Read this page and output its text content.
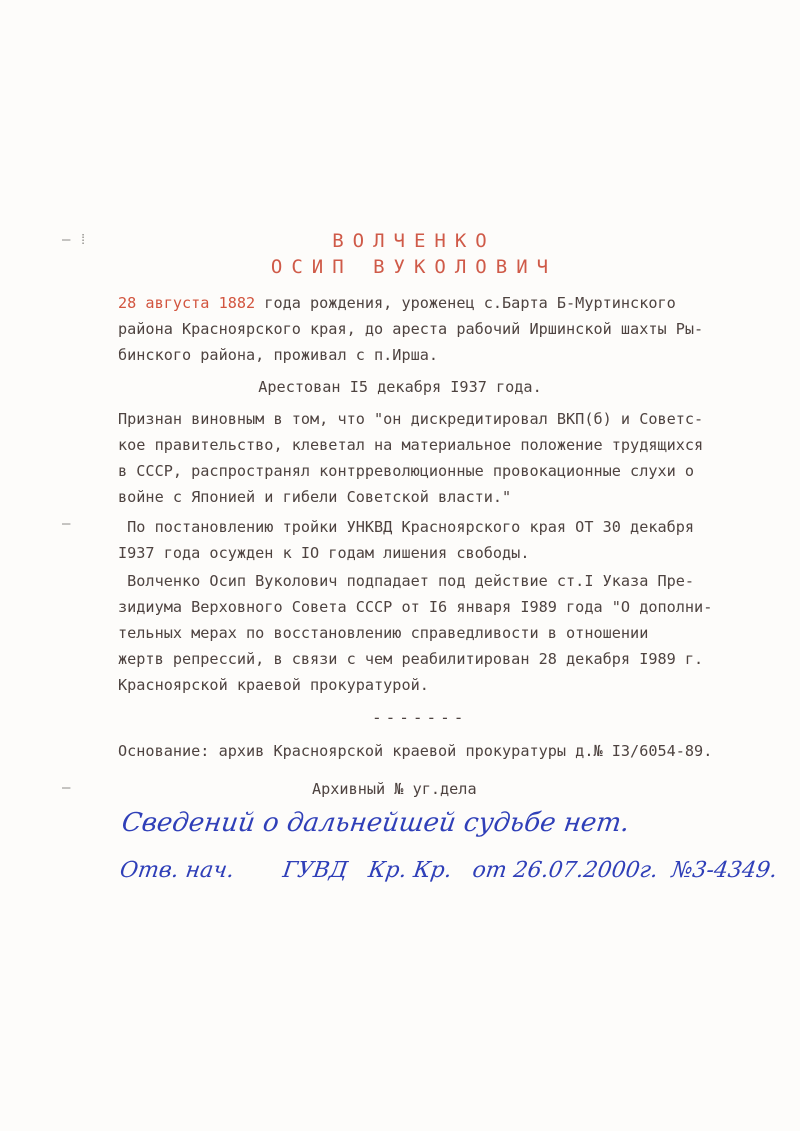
— ⁞
—
—
ВОЛЧЕНКО
ОСИП ВУКОЛОВИЧ
28 августа 1882 года рождения, уроженец с.Барта Б-Муртинского
района Красноярского края, до ареста рабочий Иршинской шахты Ры-
бинского района, проживал с п.Ирша.
Арестован I5 декабря I937 года.
Признан виновным в том, что "он дискредитировал ВКП(б) и Советс-
кое правительство, клеветал на материальное положение трудящихся
в СССР, распространял контрреволюционные провокационные слухи о
войне с Японией и гибели Советской власти."
По постановлению тройки УНКВД Красноярского края ОТ 30 декабря
I937 года осужден к IO годам лишения свободы.
Волченко Осип Вуколович подпадает под действие ст.I Указа Пре-
зидиума Верховного Совета СССР от I6 января I989 года "О дополни-
тельных мерах по восстановлению справедливости в отношении
жертв репрессий, в связи с чем реабилитирован 28 декабря I989 г.
Красноярской краевой прокуратурой.
-------
Основание: архив Красноярской краевой прокуратуры д.№ I3/6054-89.
Архивный № уг.дела
Сведений о дальнейшей судьбе нет.
Отв. нач.       ГУВД   Кр. Кр.   от 26.07.2000г.  №3-4349.
